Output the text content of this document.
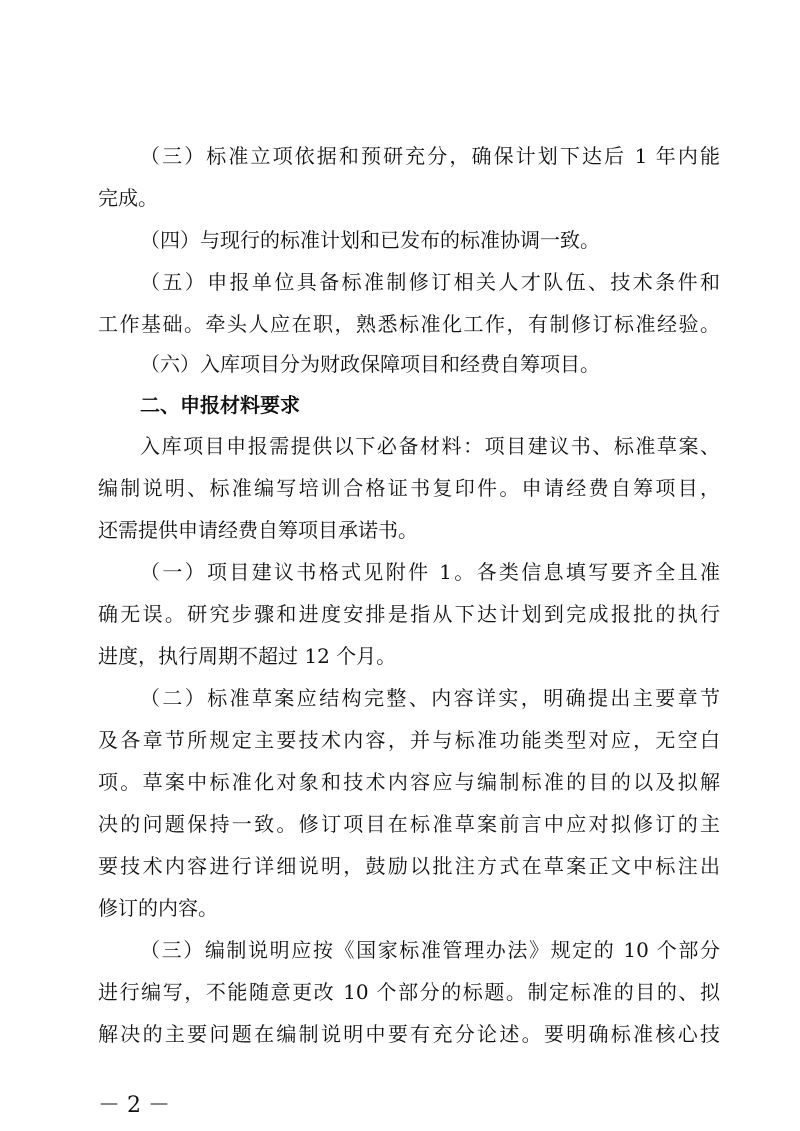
（三）标准立项依据和预研充分，确保计划下达后 1 年内能
完成。
（四）与现行的标准计划和已发布的标准协调一致。
（五）申报单位具备标准制修订相关人才队伍、技术条件和
工作基础。牵头人应在职，熟悉标准化工作，有制修订标准经验。
（六）入库项目分为财政保障项目和经费自筹项目。
二、申报材料要求
入库项目申报需提供以下必备材料：项目建议书、标准草案、
编制说明、标准编写培训合格证书复印件。申请经费自筹项目，
还需提供申请经费自筹项目承诺书。
（一）项目建议书格式见附件 1。各类信息填写要齐全且准
确无误。研究步骤和进度安排是指从下达计划到完成报批的执行
进度，执行周期不超过 12 个月。
（二）标准草案应结构完整、内容详实，明确提出主要章节
及各章节所规定主要技术内容，并与标准功能类型对应，无空白
项。草案中标准化对象和技术内容应与编制标准的目的以及拟解
决的问题保持一致。修订项目在标准草案前言中应对拟修订的主
要技术内容进行详细说明，鼓励以批注方式在草案正文中标注出
修订的内容。
（三）编制说明应按《国家标准管理办法》规定的 10 个部分
进行编写，不能随意更改 10 个部分的标题。制定标准的目的、拟
解决的主要问题在编制说明中要有充分论述。要明确标准核心技
－ 2 －
